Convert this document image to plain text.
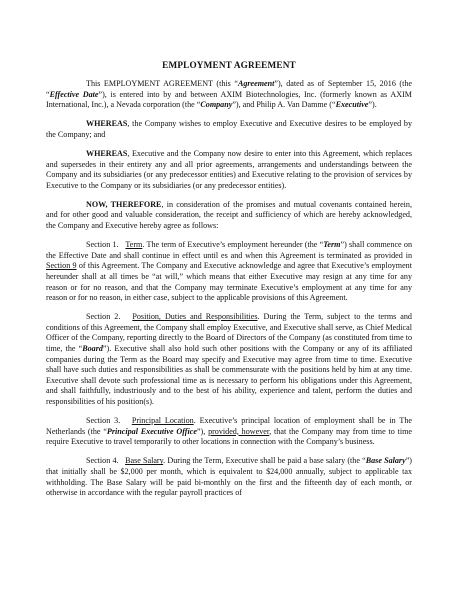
EMPLOYMENT AGREEMENT

This EMPLOYMENT AGREEMENT (this “Agreement”), dated as of September 15, 2016 (the “Effective Date”), is entered into by and between AXIM Biotechnologies, Inc. (formerly known as AXIM International, Inc.), a Nevada corporation (the “Company”), and Philip A. Van Damme (“Executive”).

WHEREAS, the Company wishes to employ Executive and Executive desires to be employed by the Company; and

WHEREAS, Executive and the Company now desire to enter into this Agreement, which replaces and supersedes in their entirety any and all prior agreements, arrangements and understandings between the Company and its subsidiaries (or any predecessor entities) and Executive relating to the provision of services by Executive to the Company or its subsidiaries (or any predecessor entities).

NOW, THEREFORE, in consideration of the promises and mutual covenants contained herein, and for other good and valuable consideration, the receipt and sufficiency of which are hereby acknowledged, the Company and Executive hereby agree as follows:

Section 1. Term. The term of Executive’s employment hereunder (the “Term”) shall commence on the Effective Date and shall continue in effect until es and when this Agreement is terminated as provided in Section 9 of this Agreement. The Company and Executive acknowledge and agree that Executive’s employment hereunder shall at all times be “at will,” which means that either Executive may resign at any time for any reason or for no reason, and that the Company may terminate Executive’s employment at any time for any reason or for no reason, in either case, subject to the applicable provisions of this Agreement.

Section 2. Position, Duties and Responsibilities. During the Term, subject to the terms and conditions of this Agreement, the Company shall employ Executive, and Executive shall serve, as Chief Medical Officer of the Company, reporting directly to the Board of Directors of the Company (as constituted from time to time, the “Board”). Executive shall also hold such other positions with the Company or any of its affiliated companies during the Term as the Board may specify and Executive may agree from time to time. Executive shall have such duties and responsibilities as shall be commensurate with the positions held by him at any time. Executive shall devote such professional time as is necessary to perform his obligations under this Agreement, and shall faithfully, industriously and to the best of his ability, experience and talent, perform the duties and responsibilities of his position(s).

Section 3. Principal Location. Executive’s principal location of employment shall be in The Netherlands (the “Principal Executive Office”), provided, however, that the Company may from time to time require Executive to travel temporarily to other locations in connection with the Company’s business.

Section 4. Base Salary. During the Term, Executive shall be paid a base salary (the “Base Salary”) that initially shall be $2,000 per month, which is equivalent to $24,000 annually, subject to applicable tax withholding. The Base Salary will be paid bi-monthly on the first and the fifteenth day of each month, or otherwise in accordance with the regular payroll practices of
